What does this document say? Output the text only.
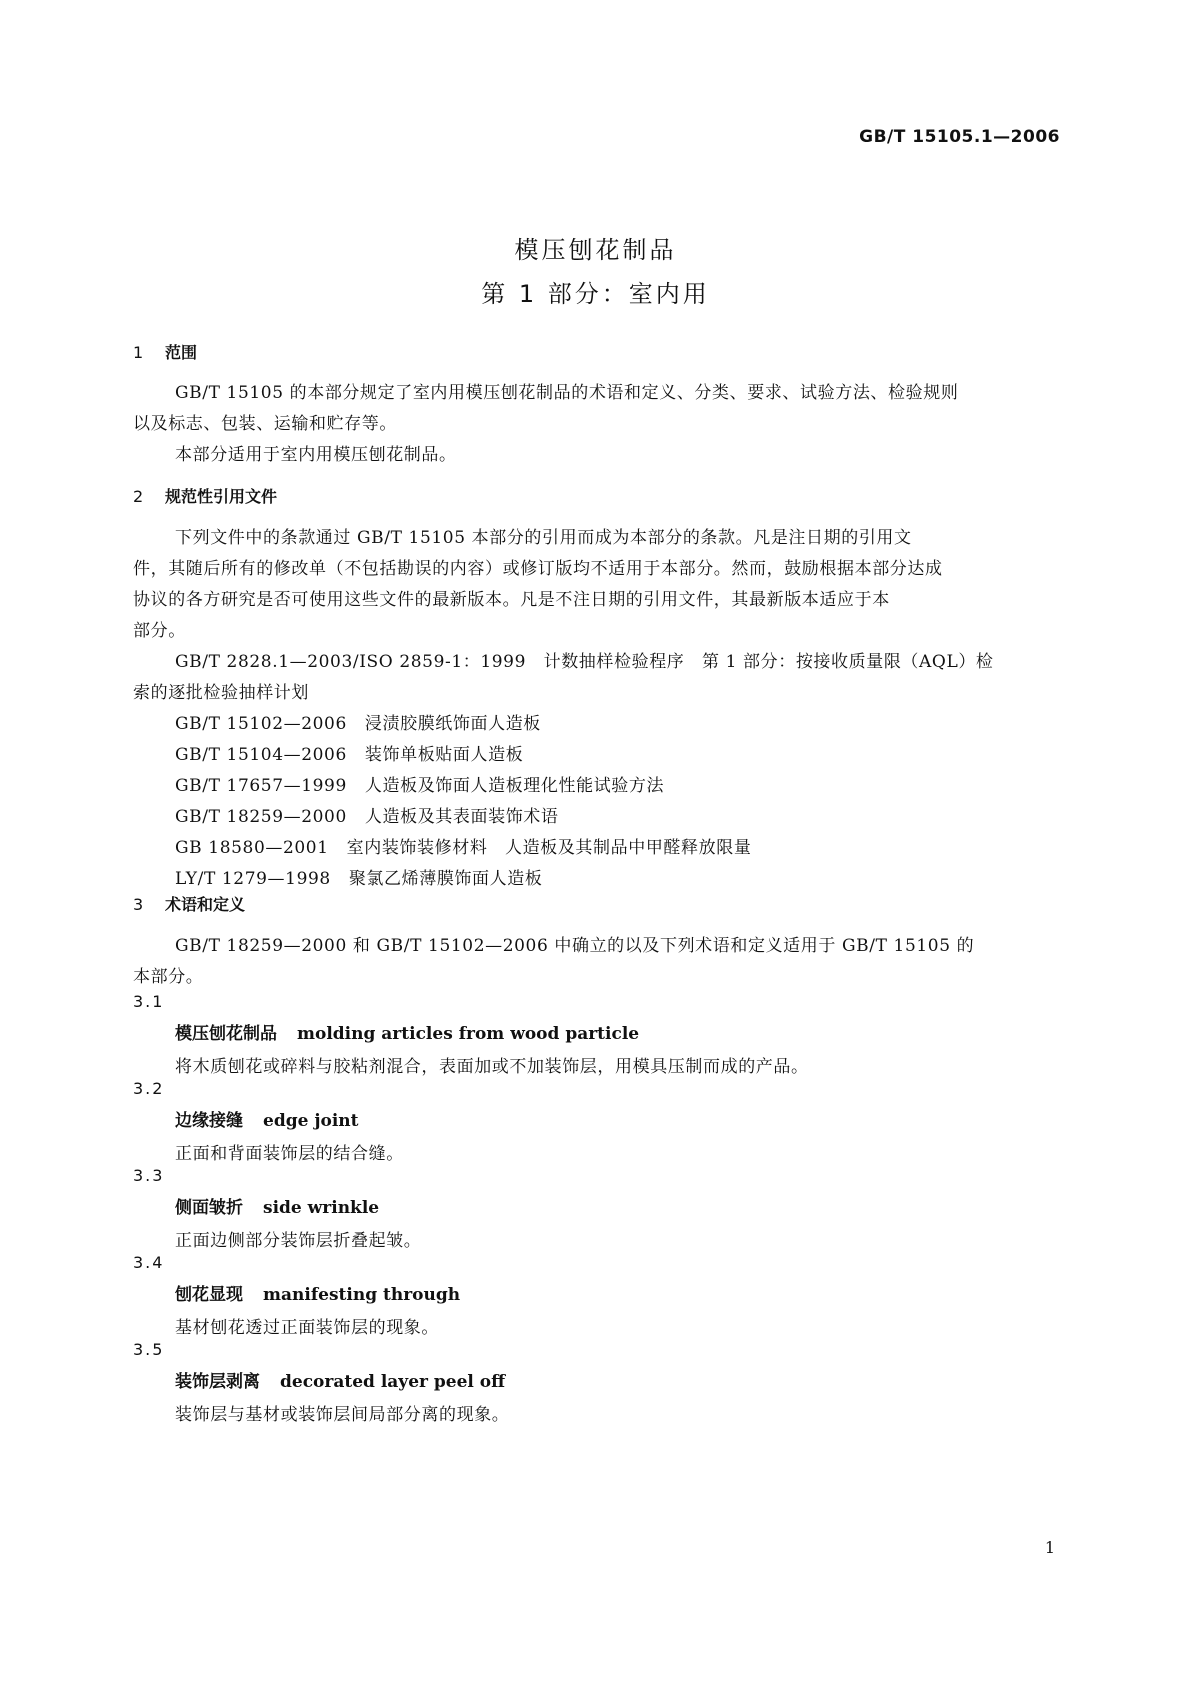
GB/T 15105.1—2006
模压刨花制品
第 1 部分：室内用
1 范围
GB/T 15105 的本部分规定了室内用模压刨花制品的术语和定义、分类、要求、试验方法、检验规则
以及标志、包装、运输和贮存等。
本部分适用于室内用模压刨花制品。
2 规范性引用文件
下列文件中的条款通过 GB/T 15105 本部分的引用而成为本部分的条款。凡是注日期的引用文
件，其随后所有的修改单（不包括勘误的内容）或修订版均不适用于本部分。然而，鼓励根据本部分达成
协议的各方研究是否可使用这些文件的最新版本。凡是不注日期的引用文件，其最新版本适应于本
部分。
GB/T 2828.1—2003/ISO 2859-1：1999　计数抽样检验程序　第 1 部分：按接收质量限（AQL）检
索的逐批检验抽样计划
GB/T 15102—2006 浸渍胶膜纸饰面人造板
GB/T 15104—2006 装饰单板贴面人造板
GB/T 17657—1999 人造板及饰面人造板理化性能试验方法
GB/T 18259—2000 人造板及其表面装饰术语
GB 18580—2001 室内装饰装修材料　人造板及其制品中甲醛释放限量
LY/T 1279—1998 聚氯乙烯薄膜饰面人造板
3 术语和定义
GB/T 18259—2000 和 GB/T 15102—2006 中确立的以及下列术语和定义适用于 GB/T 15105 的
本部分。
3.1
模压刨花制品 molding articles from wood particle
将木质刨花或碎料与胶粘剂混合，表面加或不加装饰层，用模具压制而成的产品。
3.2
边缘接缝 edge joint
正面和背面装饰层的结合缝。
3.3
侧面皱折 side wrinkle
正面边侧部分装饰层折叠起皱。
3.4
刨花显现 manifesting through
基材刨花透过正面装饰层的现象。
3.5
装饰层剥离 decorated layer peel off
装饰层与基材或装饰层间局部分离的现象。
1
